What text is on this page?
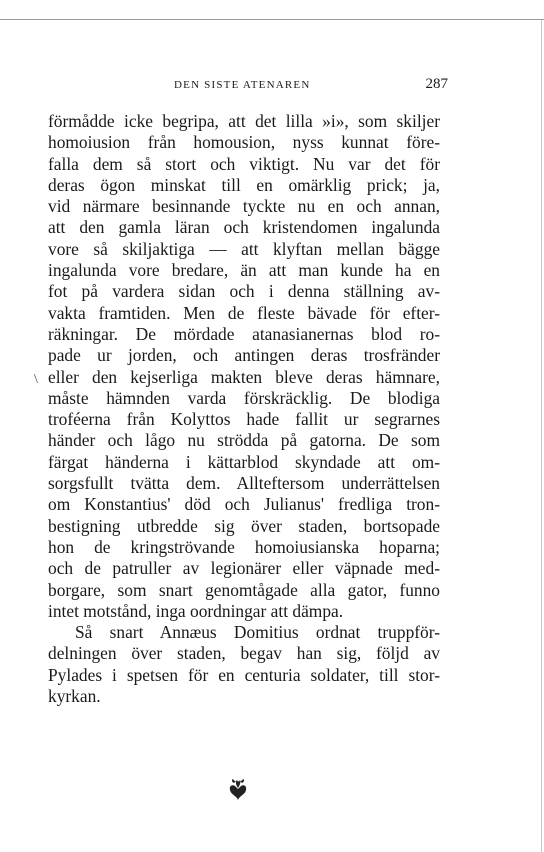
DEN SISTE ATENAREN	287
\
förmådde icke begripa, att det lilla »i», som skiljer
homoiusion från homousion, nyss kunnat före-
falla dem så stort och viktigt. Nu var det för
deras ögon minskat till en omärklig prick; ja,
vid närmare besinnande tyckte nu en och annan,
att den gamla läran och kristendomen ingalunda
vore så skiljaktiga — att klyftan mellan bägge
ingalunda vore bredare, än att man kunde ha en
fot på vardera sidan och i denna ställning av-
vakta framtiden. Men de fleste bävade för efter-
räkningar. De mördade atanasianernas blod ro-
pade ur jorden, och antingen deras trosfränder
eller den kejserliga makten bleve deras hämnare,
måste hämnden varda förskräcklig. De blodiga
troféerna från Kolyttos hade fallit ur segrarnes
händer och lågo nu strödda på gatorna. De som
färgat händerna i kättarblod skyndade att om-
sorgsfullt tvätta dem. Allteftersom underrättelsen
om Konstantius' död och Julianus' fredliga tron-
bestigning utbredde sig över staden, bortsopade
hon de kringströvande homoiusianska hoparna;
och de patruller av legionärer eller väpnade med-
borgare, som snart genomtågade alla gator, funno
intet motstånd, inga oordningar att dämpa.
Så snart Annæus Domitius ordnat truppför-
delningen över staden, begav han sig, följd av
Pylades i spetsen för en centuria soldater, till stor-
kyrkan.
